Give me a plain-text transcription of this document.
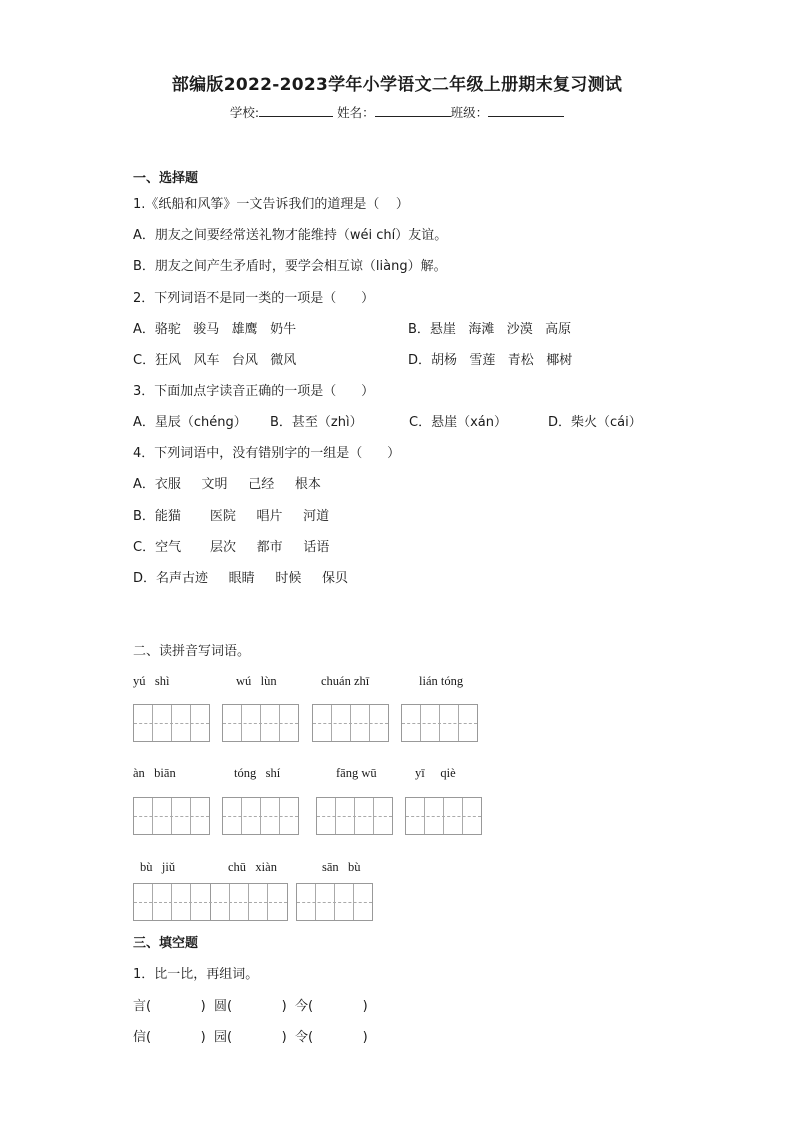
部编版2022-2023学年小学语文二年级上册期末复习测试
学校:	姓名：	班级：
一、选择题
1.《纸船和风筝》一文告诉我们的道理是（    ）
A．朋友之间要经常送礼物才能维持（wéi chí）友谊。
B．朋友之间产生矛盾时，要学会相互谅（liàng）解。
2．下列词语不是同一类的一项是（      ）
A．骆驼   骏马   雄鹰   奶牛	B．悬崖   海滩   沙漠   高原
C．狂风   风车   台风   微风	D．胡杨   雪莲   青松   椰树
3．下面加点字读音正确的一项是（      ）
A．星辰（chéng） B．甚至（zhì）	C．悬崖（xán）	D．柴火（cái）
4．下列词语中，没有错别字的一组是（      ）
A．衣服     文明     己经     根本
B．能猫       医院     唱片     河道
C．空气       层次     都市     话语
D．名声古迹     眼睛     时候     保贝
二、读拼音写词语。
yú   shì	wú   lùn	chuán zhī	lián tóng
àn   biān	tóng   shí	fāng wū	yī     qiè
bù   jiǔ	chū   xiàn	sān   bù
三、填空题
1．比一比，再组词。
言(            )  圆(            )  今(            )
信(            )  园(            )  令(            )
